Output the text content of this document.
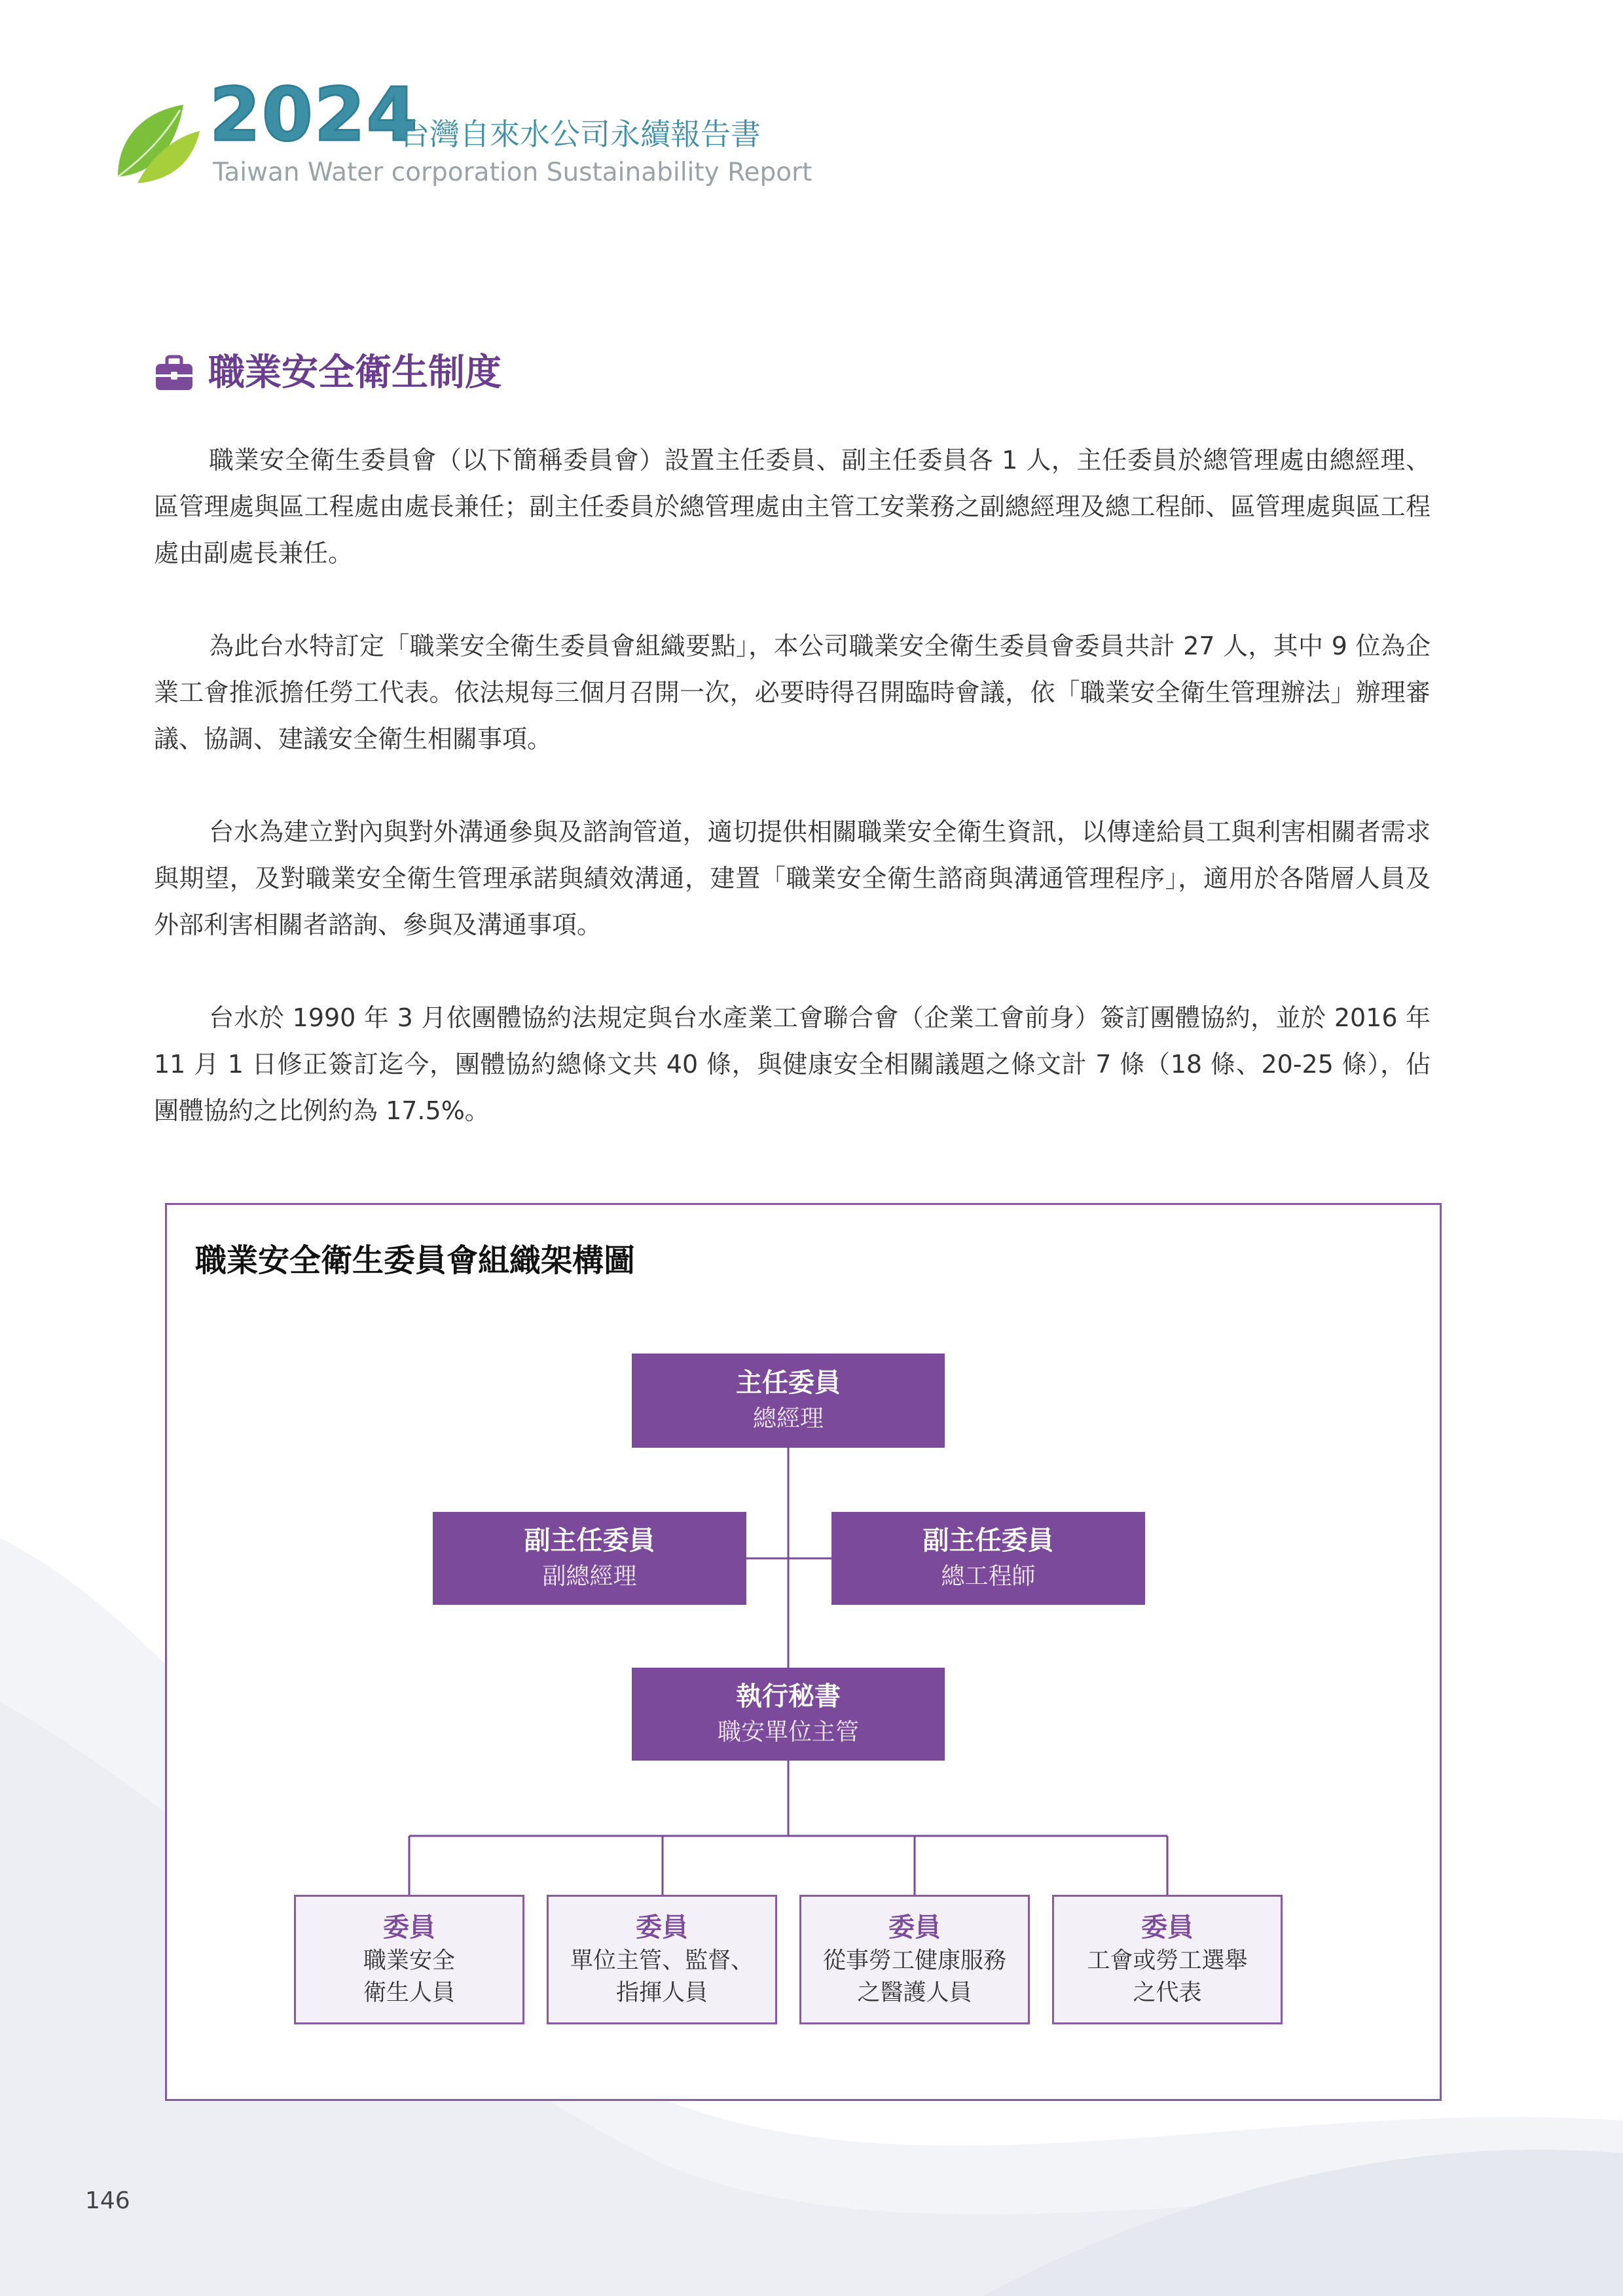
2024
台灣自來水公司永續報告書
Taiwan Water corporation Sustainability Report
職業安全衛生制度

職業安全衛生委員會（以下簡稱委員會）設置主任委員、副主任委員各 1 人，主任委員於總管理處由總經理、區管理處與區工程處由處長兼任；副主任委員於總管理處由主管工安業務之副總經理及總工程師、區管理處與區工程處由副處長兼任。

為此台水特訂定「職業安全衛生委員會組織要點」，本公司職業安全衛生委員會委員共計 27 人，其中 9 位為企業工會推派擔任勞工代表。依法規每三個月召開一次，必要時得召開臨時會議，依「職業安全衛生管理辦法」辦理審議、協調、建議安全衛生相關事項。

台水為建立對內與對外溝通參與及諮詢管道，適切提供相關職業安全衛生資訊，以傳達給員工與利害相關者需求與期望，及對職業安全衛生管理承諾與績效溝通，建置「職業安全衛生諮商與溝通管理程序」，適用於各階層人員及外部利害相關者諮詢、參與及溝通事項。

台水於 1990 年 3 月依團體協約法規定與台水產業工會聯合會（企業工會前身）簽訂團體協約，並於 2016 年 11 月 1 日修正簽訂迄今，團體協約總條文共 40 條，與健康安全相關議題之條文計 7 條（18 條、20-25 條），佔團體協約之比例約為 17.5%。

職業安全衛生委員會組織架構圖
主任委員
總經理
副主任委員
副總經理
副主任委員
總工程師
執行秘書
職安單位主管
委員
職業安全
衛生人員
委員
單位主管、監督、
指揮人員
委員
從事勞工健康服務
之醫護人員
委員
工會或勞工選舉
之代表
146
